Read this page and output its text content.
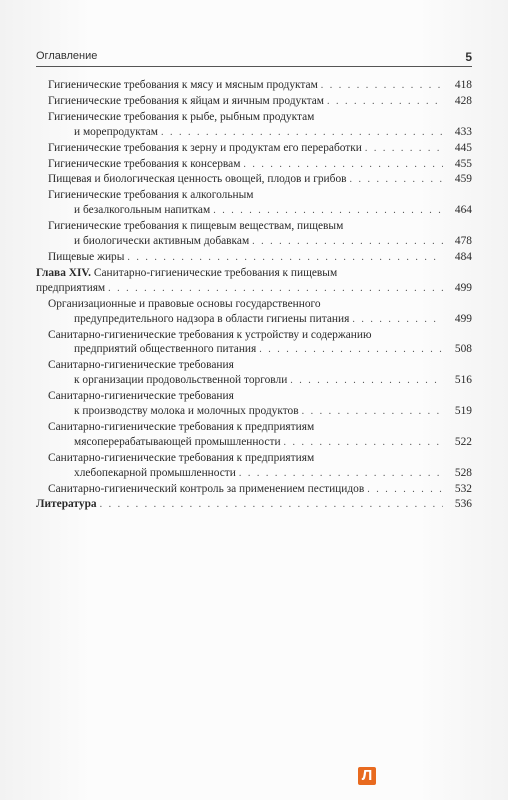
Оглавление	5
Гигиенические требования к мясу и мясным продуктам . . .	418
Гигиенические требования к яйцам и яичным продуктам . . .	428
Гигиенические требования к рыбе, рыбным продуктам
и морепродуктам . . .	433
Гигиенические требования к зерну и продуктам его переработки . . .	445
Гигиенические требования к консервам . . .	455
Пищевая и биологическая ценность овощей, плодов и грибов . . .	459
Гигиенические требования к алкогольным
и безалкогольным напиткам . . .	464
Гигиенические требования к пищевым веществам, пищевым
и биологически активным добавкам . . .	478
Пищевые жиры . . .	484
Глава XIV. Санитарно-гигиенические требования к пищевым
предприятиям . . .	499
Организационные и правовые основы государственного
предупредительного надзора в области гигиены питания . . .	499
Санитарно-гигиенические требования к устройству и содержанию
предприятий общественного питания . . .	508
Санитарно-гигиенические требования
к организации продовольственной торговли . . .	516
Санитарно-гигиенические требования
к производству молока и молочных продуктов . . .	519
Санитарно-гигиенические требования к предприятиям
мясоперерабатывающей промышленности . . .	522
Санитарно-гигиенические требования к предприятиям
хлебопекарной промышленности . . .	528
Санитарно-гигиенический контроль за применением пестицидов . . .	532
Литература . . .	536
Л
